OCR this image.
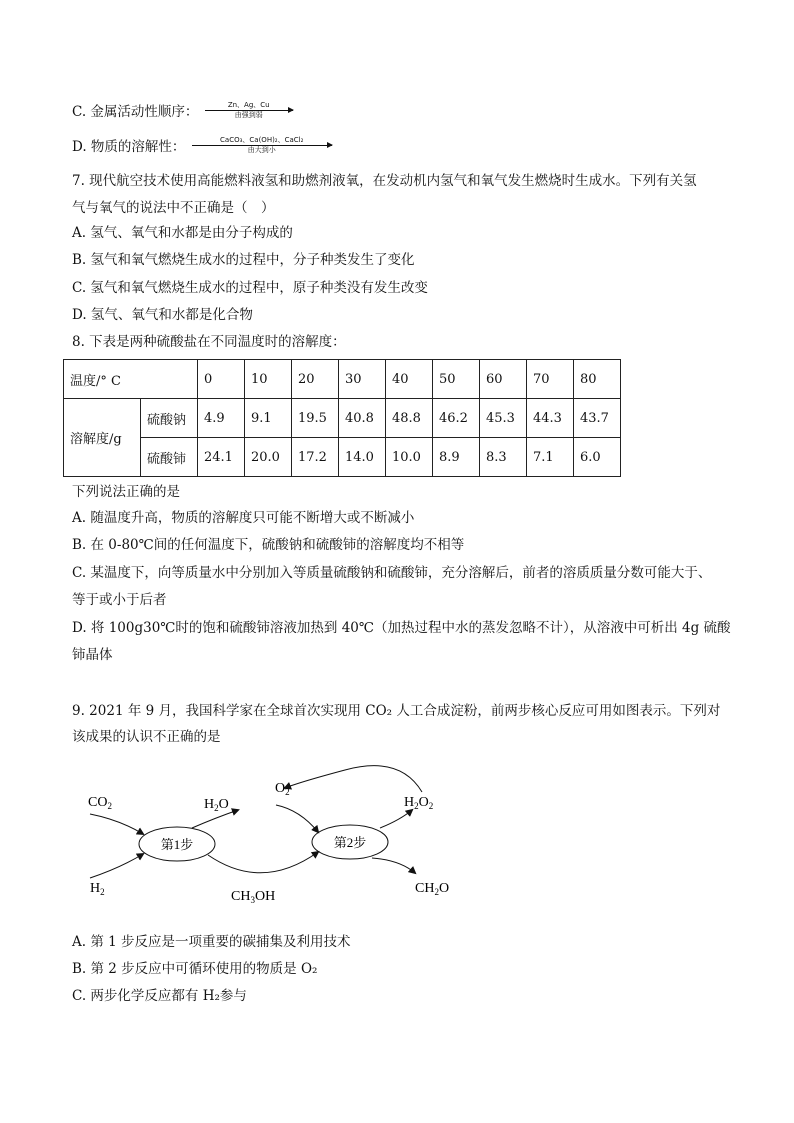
C. 金属活动性顺序：	Zn、Ag、Cu
由强到弱
D. 物质的溶解性：	CaCO₃、Ca(OH)₂、CaCl₂
由大到小
7. 现代航空技术使用高能燃料液氢和助燃剂液氧，在发动机内氢气和氧气发生燃烧时生成水。下列有关氢
气与氧气的说法中不正确是（　）
A. 氢气、氧气和水都是由分子构成的
B. 氢气和氧气燃烧生成水的过程中，分子种类发生了变化
C. 氢气和氧气燃烧生成水的过程中，原子种类没有发生改变
D. 氢气、氧气和水都是化合物
8. 下表是两种硫酸盐在不同温度时的溶解度：
温度/° C		0	10	20	30	40	50	60	70	80
溶解度/g	硫酸钠	4.9	9.1	19.5	40.8	48.8	46.2	45.3	44.3	43.7
	硫酸铈	24.1	20.0	17.2	14.0	10.0	8.9	8.3	7.1	6.0
下列说法正确的是
A. 随温度升高，物质的溶解度只可能不断增大或不断减小
B. 在 0-80℃间的任何温度下，硫酸钠和硫酸铈的溶解度均不相等
C. 某温度下，向等质量水中分别加入等质量硫酸钠和硫酸铈，充分溶解后，前者的溶质质量分数可能大于、
等于或小于后者
D. 将 100g30℃时的饱和硫酸铈溶液加热到 40℃（加热过程中水的蒸发忽略不计），从溶液中可析出 4g 硫酸
铈晶体
9. 2021 年 9 月，我国科学家在全球首次实现用 CO₂ 人工合成淀粉，前两步核心反应可用如图表示。下列对
该成果的认识不正确的是
$CO_2$
$H_2$
$H_2O$
$O_2$
$H_2O_2$
$CH_3OH$
$CH_2O$
第1步	第2步
A. 第 1 步反应是一项重要的碳捕集及利用技术
B. 第 2 步反应中可循环使用的物质是 O₂
C. 两步化学反应都有 H₂参与
